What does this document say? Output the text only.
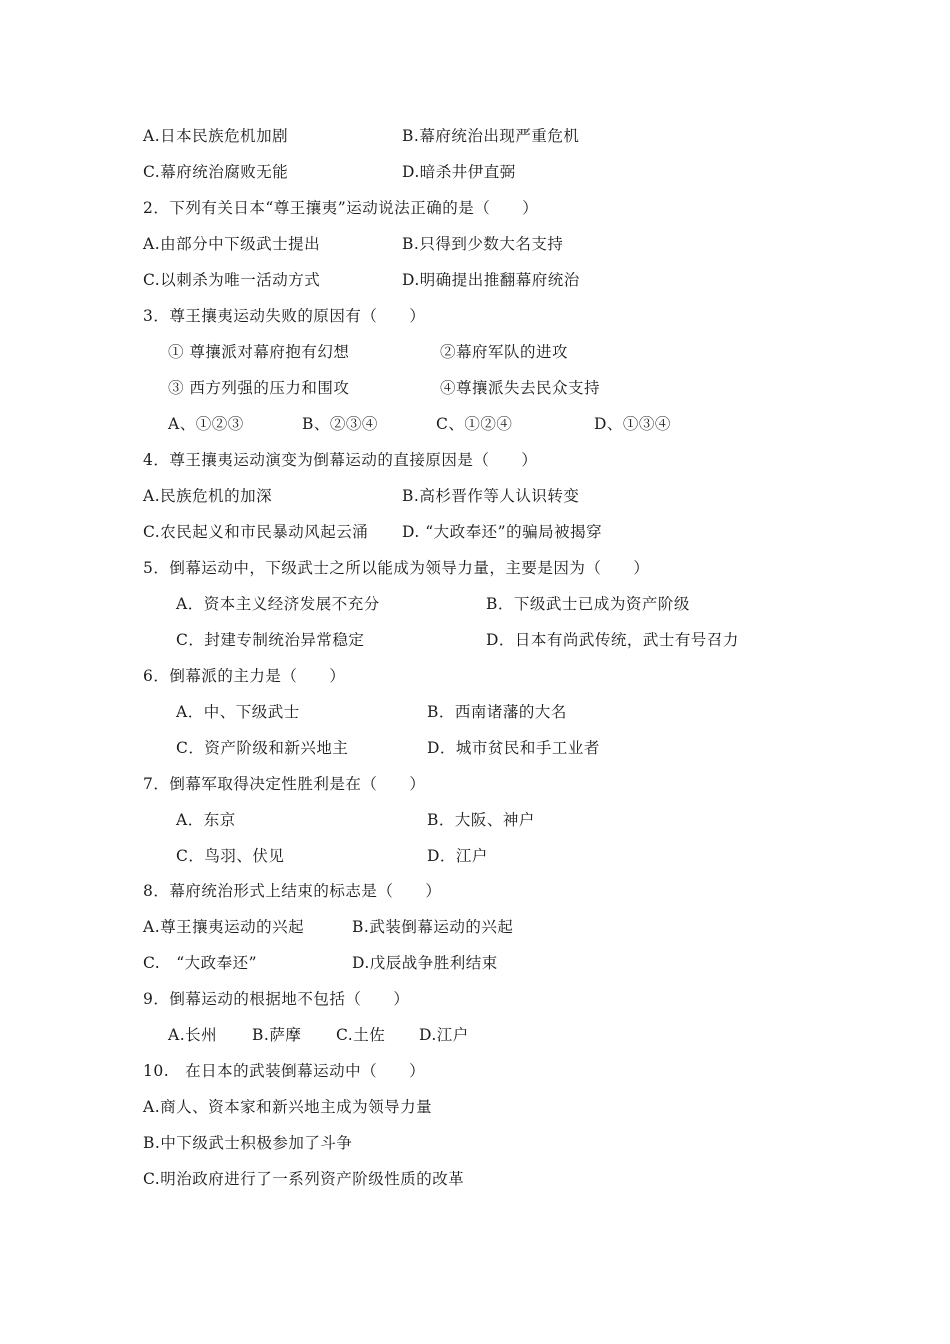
A.日本民族危机加剧	B.幕府统治出现严重危机
C.幕府统治腐败无能	D.暗杀井伊直弼
2．下列有关日本“尊王攘夷”运动说法正确的是（　　）
A.由部分中下级武士提出	B.只得到少数大名支持
C.以刺杀为唯一活动方式	D.明确提出推翻幕府统治
3．尊王攘夷运动失败的原因有（　　）
① 尊攘派对幕府抱有幻想	②幕府军队的进攻
③ 西方列强的压力和围攻	④尊攘派失去民众支持
A、①②③	B、②③④	C、①②④	D、①③④
4．尊王攘夷运动演变为倒幕运动的直接原因是（　　）
A.民族危机的加深	B.高杉晋作等人认识转变
C.农民起义和市民暴动风起云涌 D. “大政奉还”的骗局被揭穿
5．倒幕运动中，下级武士之所以能成为领导力量，主要是因为（　　）
A．资本主义经济发展不充分	B．下级武士已成为资产阶级
C．封建专制统治异常稳定	D．日本有尚武传统，武士有号召力
6．倒幕派的主力是（　　）
A．中、下级武士	B．西南诸藩的大名
C．资产阶级和新兴地主	D．城市贫民和手工业者
7．倒幕军取得决定性胜利是在（　　）
A．东京	B．大阪、神户
C．鸟羽、伏见	D．江户
8．幕府统治形式上结束的标志是（　　）
A.尊王攘夷运动的兴起	B.武装倒幕运动的兴起
C.　“大政奉还”	D.戊辰战争胜利结束
9．倒幕运动的根据地不包括（　　）
A.长州 B.萨摩 C.土佐 D.江户
10.　在日本的武装倒幕运动中（　　）
A.商人、资本家和新兴地主成为领导力量
B.中下级武士积极参加了斗争
C.明治政府进行了一系列资产阶级性质的改革
